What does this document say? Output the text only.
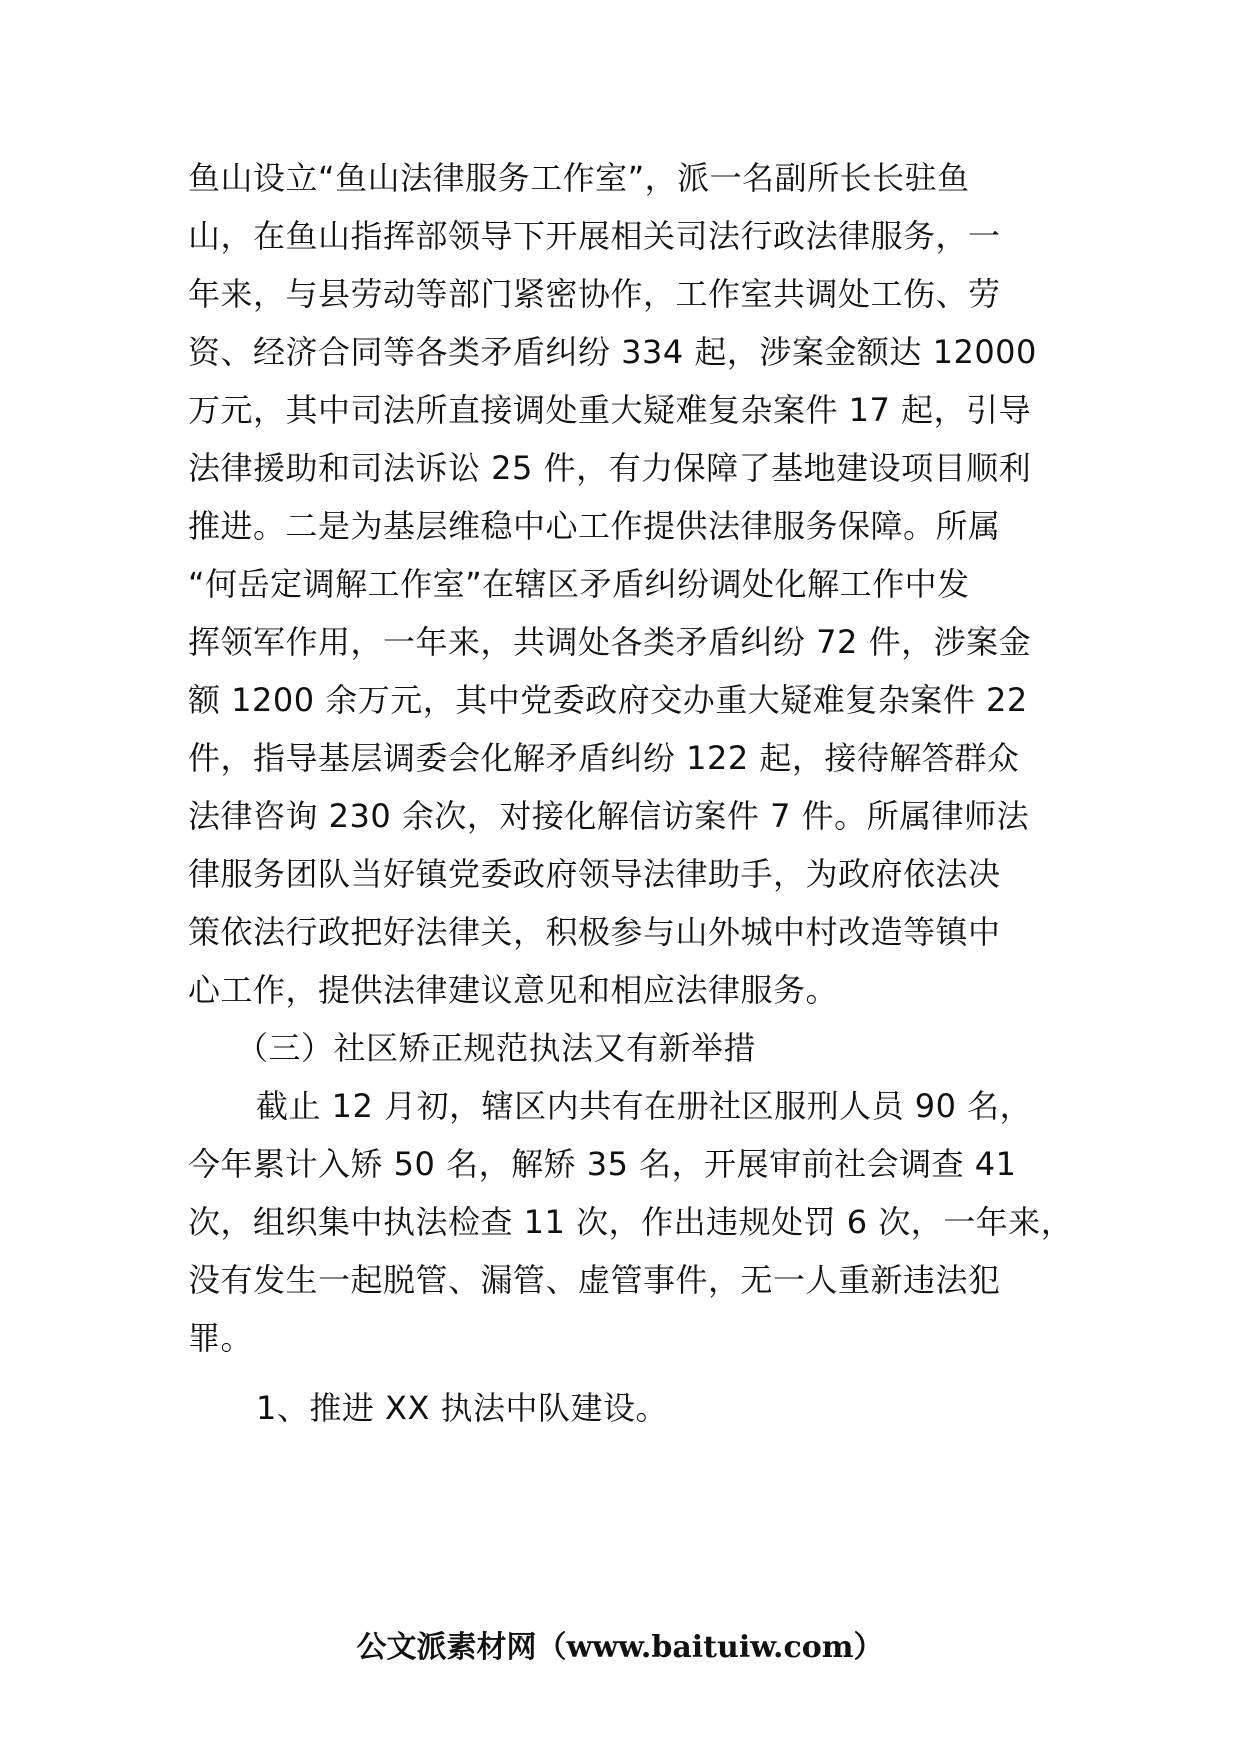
鱼山设立“鱼山法律服务工作室”，派一名副所长长驻鱼
山，在鱼山指挥部领导下开展相关司法行政法律服务，一
年来，与县劳动等部门紧密协作，工作室共调处工伤、劳
资、经济合同等各类矛盾纠纷 334 起，涉案金额达 12000
万元，其中司法所直接调处重大疑难复杂案件 17 起，引导
法律援助和司法诉讼 25 件，有力保障了基地建设项目顺利
推进。二是为基层维稳中心工作提供法律服务保障。所属
“何岳定调解工作室”在辖区矛盾纠纷调处化解工作中发
挥领军作用，一年来，共调处各类矛盾纠纷 72 件，涉案金
额 1200 余万元，其中党委政府交办重大疑难复杂案件 22
件，指导基层调委会化解矛盾纠纷 122 起，接待解答群众
法律咨询 230 余次，对接化解信访案件 7 件。所属律师法
律服务团队当好镇党委政府领导法律助手，为政府依法决
策依法行政把好法律关，积极参与山外城中村改造等镇中
心工作，提供法律建议意见和相应法律服务。
（三）社区矫正规范执法又有新举措
截止 12 月初，辖区内共有在册社区服刑人员 90 名，
今年累计入矫 50 名，解矫 35 名，开展审前社会调查 41
次，组织集中执法检查 11 次，作出违规处罚 6 次，一年来，
没有发生一起脱管、漏管、虚管事件，无一人重新违法犯
罪。
1、推进 XX 执法中队建设。
公文派素材网（www.baituiw.com）
